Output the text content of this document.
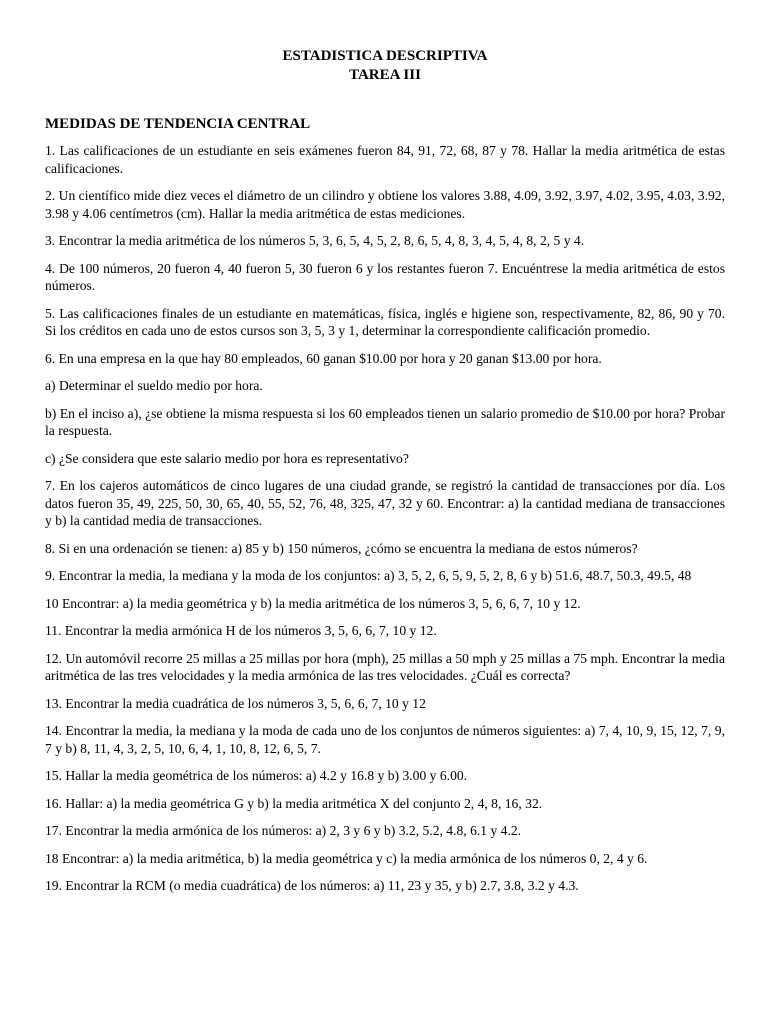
ESTADISTICA DESCRIPTIVA

TAREA III

MEDIDAS DE TENDENCIA CENTRAL

1. Las calificaciones de un estudiante en seis exámenes fueron 84, 91, 72, 68, 87 y 78. Hallar la media aritmética de estas calificaciones.

2. Un científico mide diez veces el diámetro de un cilindro y obtiene los valores 3.88, 4.09, 3.92, 3.97, 4.02, 3.95, 4.03, 3.92, 3.98 y 4.06 centímetros (cm). Hallar la media aritmética de estas mediciones.

3. Encontrar la media aritmética de los números 5, 3, 6, 5, 4, 5, 2, 8, 6, 5, 4, 8, 3, 4, 5, 4, 8, 2, 5 y 4.

4. De 100 números, 20 fueron 4, 40 fueron 5, 30 fueron 6 y los restantes fueron 7. Encuéntrese la media aritmética de estos números.

5. Las calificaciones finales de un estudiante en matemáticas, física, inglés e higiene son, respectivamente, 82, 86, 90 y 70. Si los créditos en cada uno de estos cursos son 3, 5, 3 y 1, determinar la correspondiente calificación promedio.

6. En una empresa en la que hay 80 empleados, 60 ganan $10.00 por hora y 20 ganan $13.00 por hora.

a) Determinar el sueldo medio por hora.

b) En el inciso a), ¿se obtiene la misma respuesta si los 60 empleados tienen un salario promedio de $10.00 por hora? Probar la respuesta.

c) ¿Se considera que este salario medio por hora es representativo?

7. En los cajeros automáticos de cinco lugares de una ciudad grande, se registró la cantidad de transacciones por día. Los datos fueron 35, 49, 225, 50, 30, 65, 40, 55, 52, 76, 48, 325, 47, 32 y 60. Encontrar: a) la cantidad mediana de transacciones y b) la cantidad media de transacciones.

8. Si en una ordenación se tienen: a) 85 y b) 150 números, ¿cómo se encuentra la mediana de estos números?

9. Encontrar la media, la mediana y la moda de los conjuntos: a) 3, 5, 2, 6, 5, 9, 5, 2, 8, 6 y b) 51.6, 48.7, 50.3, 49.5, 48

10 Encontrar: a) la media geométrica y b) la media aritmética de los números 3, 5, 6, 6, 7, 10 y 12.

11. Encontrar la media armónica H de los números 3, 5, 6, 6, 7, 10 y 12.

12. Un automóvil recorre 25 millas a 25 millas por hora (mph), 25 millas a 50 mph y 25 millas a 75 mph. Encontrar la media aritmética de las tres velocidades y la media armónica de las tres velocidades. ¿Cuál es correcta?

13. Encontrar la media cuadrática de los números 3, 5, 6, 6, 7, 10 y 12

14. Encontrar la media, la mediana y la moda de cada uno de los conjuntos de números siguientes: a) 7, 4, 10, 9, 15, 12, 7, 9, 7 y b) 8, 11, 4, 3, 2, 5, 10, 6, 4, 1, 10, 8, 12, 6, 5, 7.

15. Hallar la media geométrica de los números: a) 4.2 y 16.8 y b) 3.00 y 6.00.

16. Hallar: a) la media geométrica G y b) la media aritmética X del conjunto 2, 4, 8, 16, 32.

17. Encontrar la media armónica de los números: a) 2, 3 y 6 y b) 3.2, 5.2, 4.8, 6.1 y 4.2.

18 Encontrar: a) la media aritmética, b) la media geométrica y c) la media armónica de los números 0, 2, 4 y 6.

19. Encontrar la RCM (o media cuadrática) de los números: a) 11, 23 y 35, y b) 2.7, 3.8, 3.2 y 4.3.
